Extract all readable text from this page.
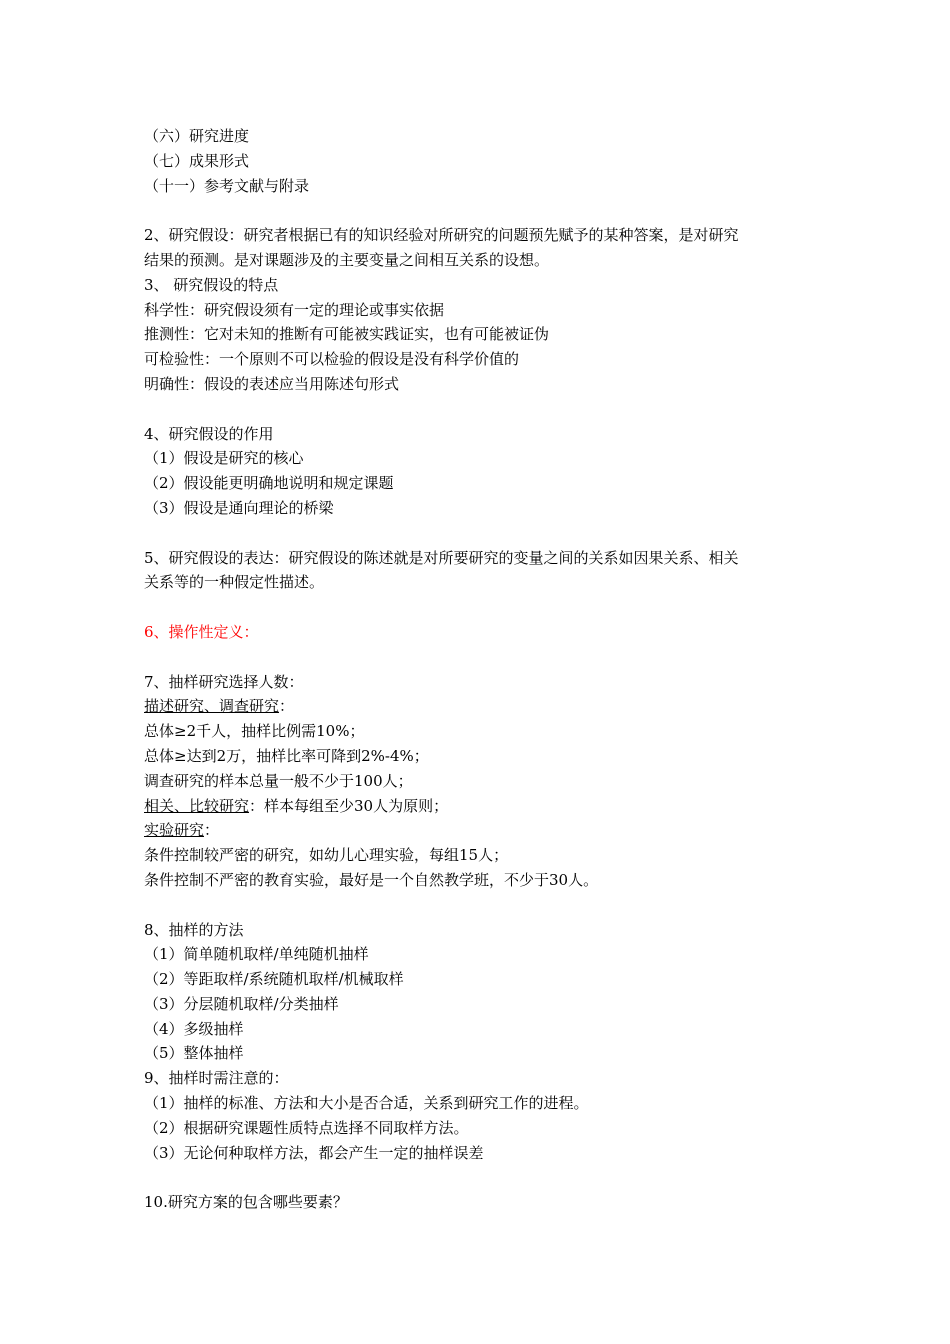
（六）研究进度
（七）成果形式
（十一）参考文献与附录
2、研究假设：研究者根据已有的知识经验对所研究的问题预先赋予的某种答案，是对研究
结果的预测。是对课题涉及的主要变量之间相互关系的设想。
3、 研究假设的特点
科学性：研究假设须有一定的理论或事实依据
推测性：它对未知的推断有可能被实践证实，也有可能被证伪
可检验性：一个原则不可以检验的假设是没有科学价值的
明确性：假设的表述应当用陈述句形式
4、研究假设的作用
（1）假设是研究的核心
（2）假设能更明确地说明和规定课题
（3）假设是通向理论的桥梁
5、研究假设的表达：研究假设的陈述就是对所要研究的变量之间的关系如因果关系、相关
关系等的一种假定性描述。
6、操作性定义：
7、抽样研究选择人数：
描述研究、调查研究：
总体≥2千人，抽样比例需10%；
总体≥达到2万，抽样比率可降到2%-4%；
调查研究的样本总量一般不少于100人；
相关、比较研究：样本每组至少30人为原则；
实验研究：
条件控制较严密的研究，如幼儿心理实验，每组15人；
条件控制不严密的教育实验，最好是一个自然教学班，不少于30人。
8、抽样的方法
（1）简单随机取样/单纯随机抽样
（2）等距取样/系统随机取样/机械取样
（3）分层随机取样/分类抽样
（4）多级抽样
（5）整体抽样
9、抽样时需注意的：
（1）抽样的标准、方法和大小是否合适，关系到研究工作的进程。
（2）根据研究课题性质特点选择不同取样方法。
（3）无论何种取样方法，都会产生一定的抽样误差
10.研究方案的包含哪些要素？
